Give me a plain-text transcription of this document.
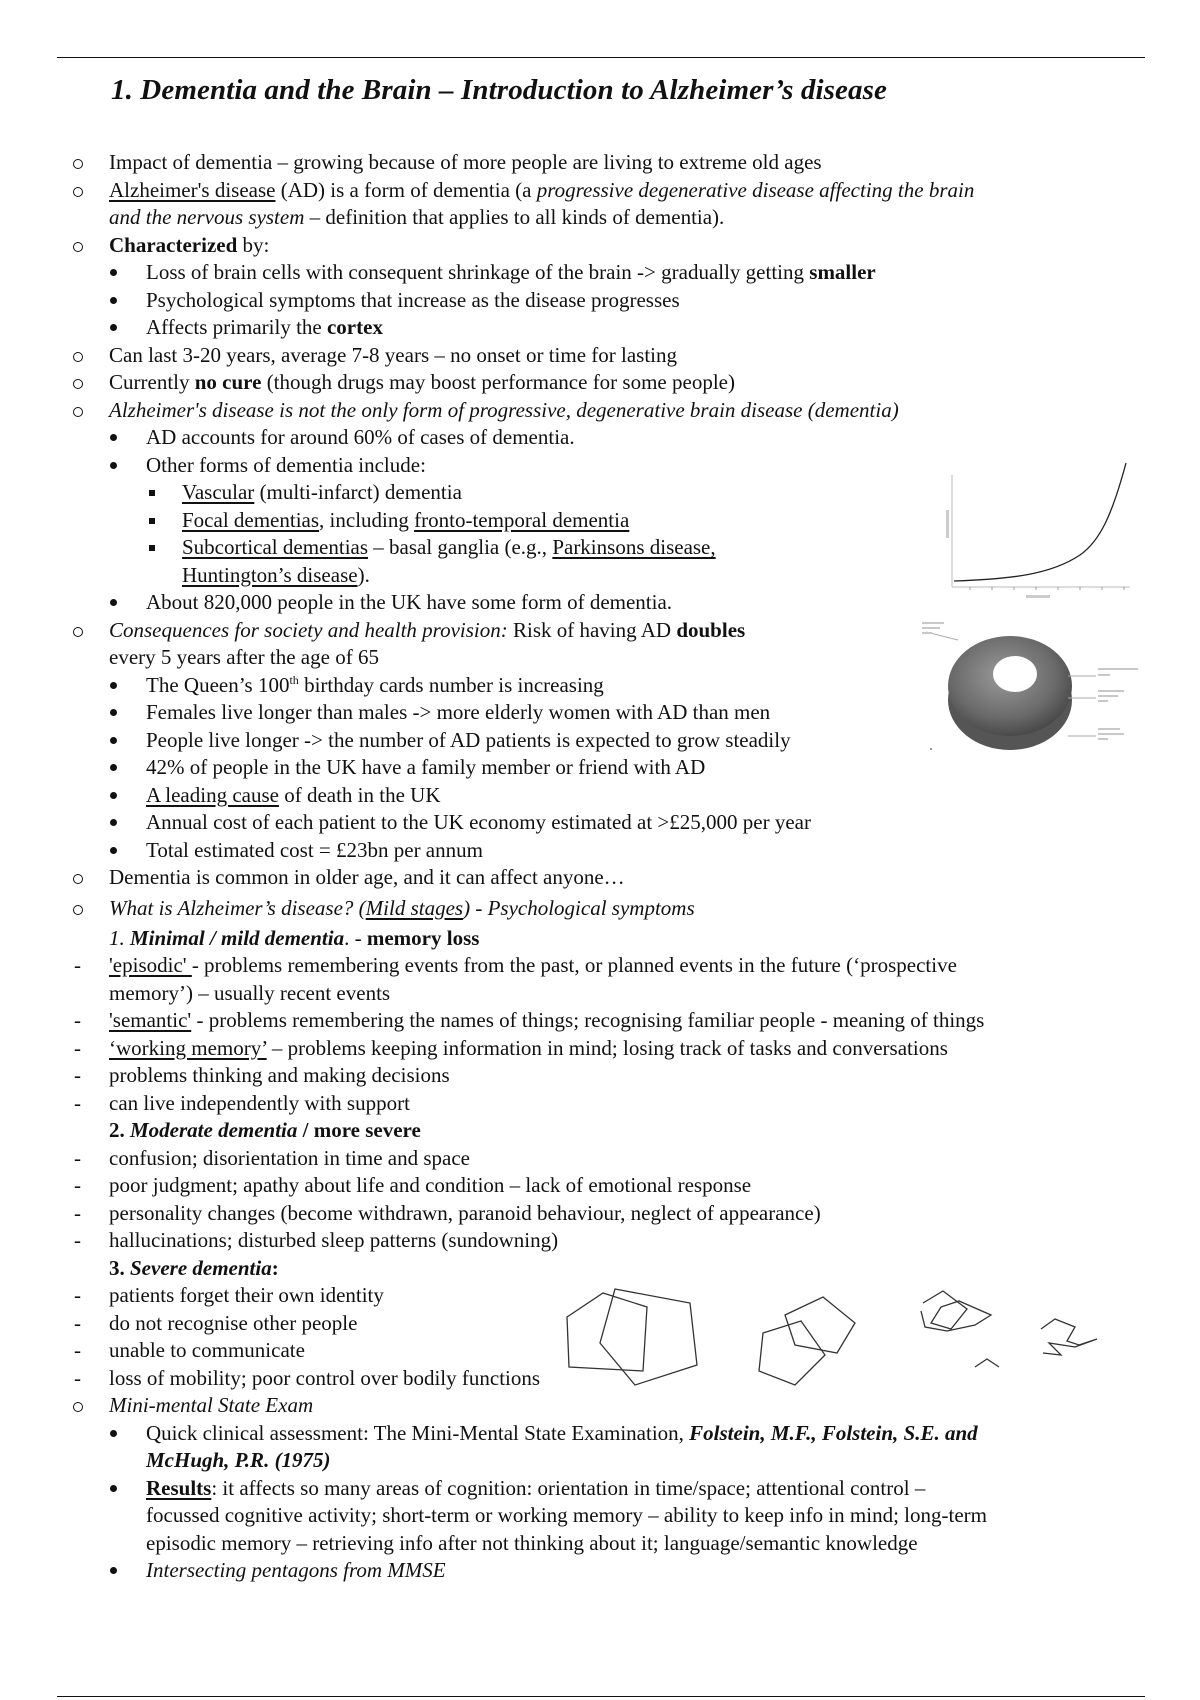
1. Dementia and the Brain – Introduction to Alzheimer’s disease
Impact of dementia – growing because of more people are living to extreme old ages
Alzheimer's disease (AD) is a form of dementia (a progressive degenerative disease affecting the brain
and the nervous system – definition that applies to all kinds of dementia).
Characterized by:
Loss of brain cells with consequent shrinkage of the brain -> gradually getting smaller
Psychological symptoms that increase as the disease progresses
Affects primarily the cortex
Can last 3-20 years, average 7-8 years – no onset or time for lasting
Currently no cure (though drugs may boost performance for some people)
Alzheimer's disease is not the only form of progressive, degenerative brain disease (dementia)
AD accounts for around 60% of cases of dementia.
Other forms of dementia include:
Vascular (multi-infarct) dementia
Focal dementias, including fronto-temporal dementia
Subcortical dementias – basal ganglia (e.g., Parkinsons disease,
Huntington’s disease).
About 820,000 people in the UK have some form of dementia.
Consequences for society and health provision: Risk of having AD doubles
every 5 years after the age of 65
The Queen’s 100th birthday cards number is increasing
Females live longer than males -> more elderly women with AD than men
People live longer -> the number of AD patients is expected to grow steadily
42% of people in the UK have a family member or friend with AD
A leading cause of death in the UK
Annual cost of each patient to the UK economy estimated at >£25,000 per year
Total estimated cost = £23bn per annum
Dementia is common in older age, and it can affect anyone…
What is Alzheimer’s disease? (Mild stages) - Psychological symptoms
1. Minimal / mild dementia. - memory loss
- 'episodic' - problems remembering events from the past, or planned events in the future (‘prospective
memory’) – usually recent events
- 'semantic' - problems remembering the names of things; recognising familiar people - meaning of things
- ‘working memory’ – problems keeping information in mind; losing track of tasks and conversations
- problems thinking and making decisions
- can live independently with support
2. Moderate dementia / more severe
- confusion; disorientation in time and space
- poor judgment; apathy about life and condition – lack of emotional response
- personality changes (become withdrawn, paranoid behaviour, neglect of appearance)
- hallucinations; disturbed sleep patterns (sundowning)
3. Severe dementia:
- patients forget their own identity
- do not recognise other people
- unable to communicate
- loss of mobility; poor control over bodily functions
Mini-mental State Exam
Quick clinical assessment: The Mini-Mental State Examination, Folstein, M.F., Folstein, S.E. and
McHugh, P.R. (1975)
Results: it affects so many areas of cognition: orientation in time/space; attentional control –
focussed cognitive activity; short-term or working memory – ability to keep info in mind; long-term
episodic memory – retrieving info after not thinking about it; language/semantic knowledge
Intersecting pentagons from MMSE
